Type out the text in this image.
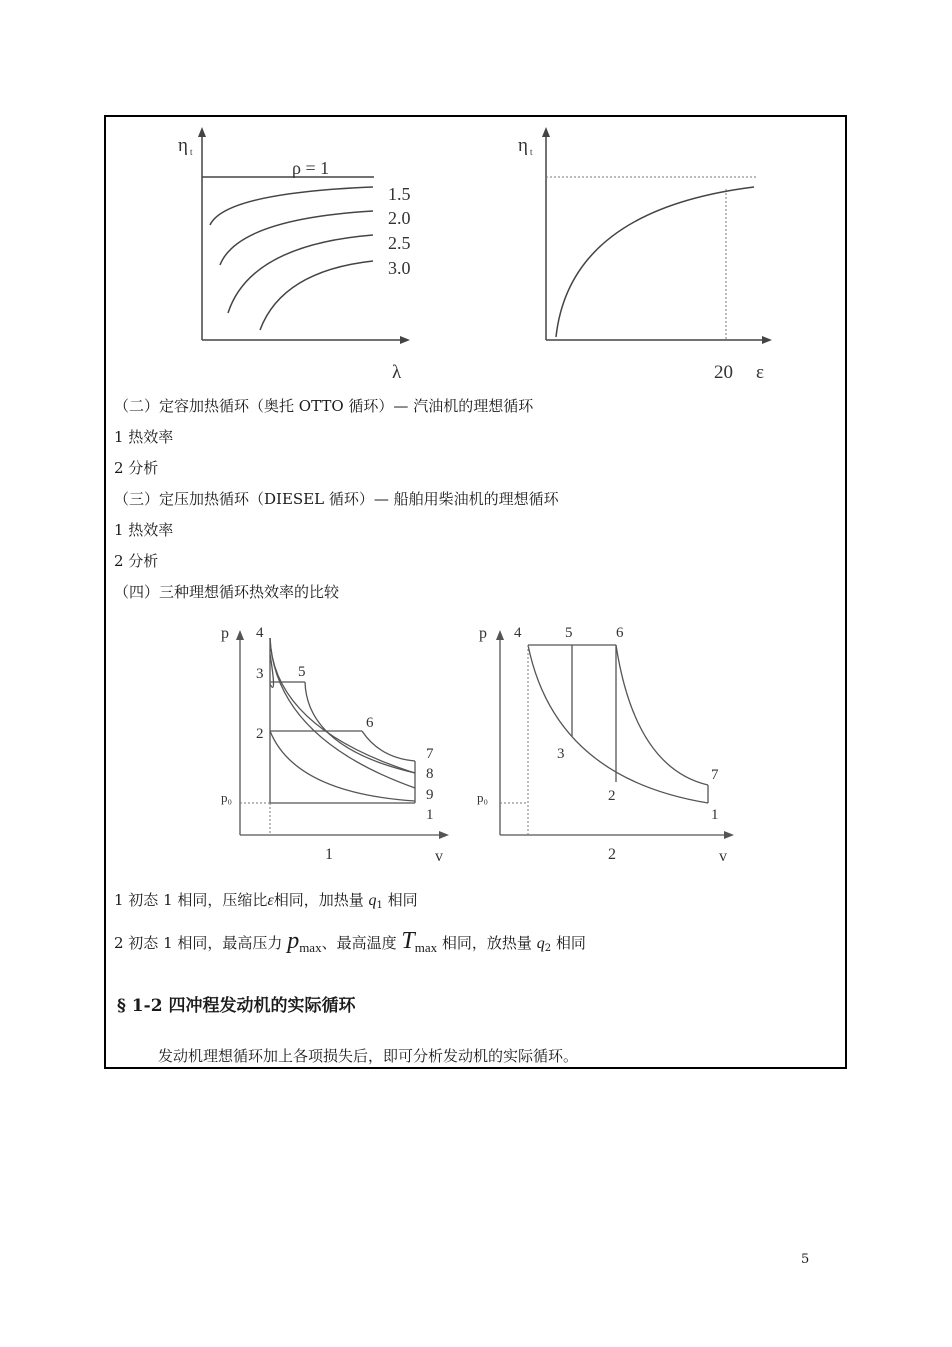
η t
λ
ρ = 1
1.5
2.0
2.5
3.0
η t
20 ε
（二）定容加热循环（奥托 OTTO 循环）— 汽油机的理想循环
1 热效率
2 分析
（三）定压加热循环（DIESEL 循环）— 船舶用柴油机的理想循环
1 热效率
2 分析
（四）三种理想循环热效率的比较
p
p₀
v
1
4
3 5
6
2
7
8
9
1
p
p₀
v
2
4	5	6
3
7
2
1
1 初态 1 相同，压缩比ε相同，加热量 $q_1$ 相同
2 初态 1 相同，最高压力 pmax、最高温度 Tmax 相同，放热量 $q_2$ 相同
§ 1-2 四冲程发动机的实际循环
发动机理想循环加上各项损失后，即可分析发动机的实际循环。
5
